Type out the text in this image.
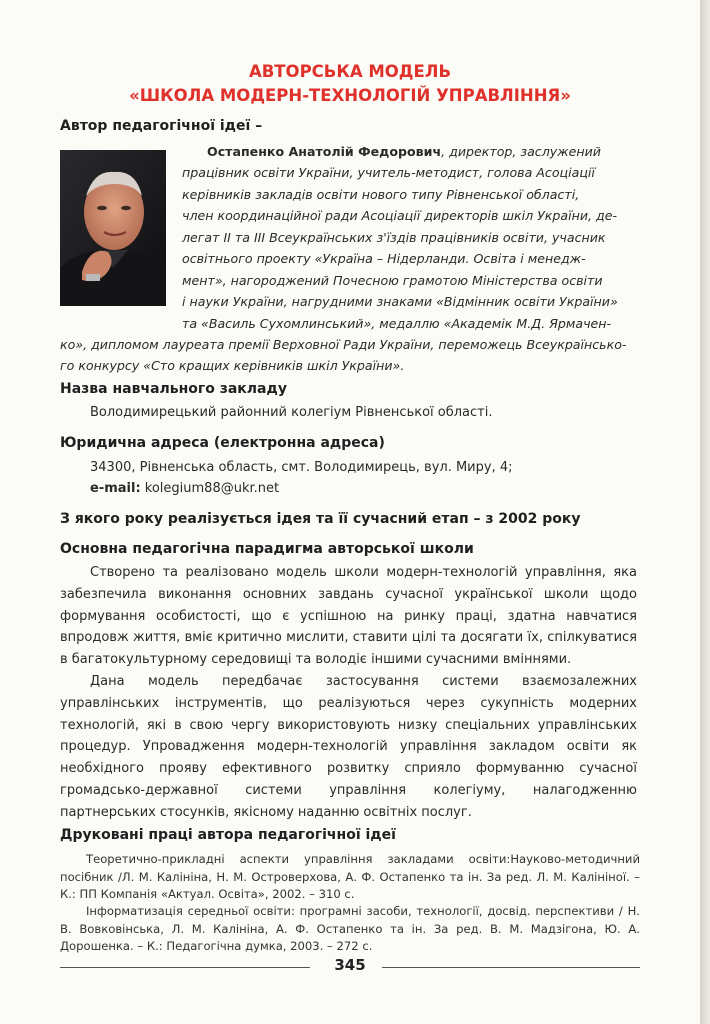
АВТОРСЬКА МОДЕЛЬ
«ШКОЛА МОДЕРН-ТЕХНОЛОГІЙ УПРАВЛІННЯ»
Автор педагогічної ідеї –
Остапенко Анатолій Федорович, директор, заслужений
працівник освіти України, учитель-методист, голова Асоціації
керівників закладів освіти нового типу Рівненської області,
член координаційної ради Асоціації директорів шкіл України, де-
легат II та III Всеукраїнських з'їздів працівників освіти, учасник
освітнього проекту «Україна – Нідерланди. Освіта і менедж-
мент», нагороджений Почесною грамотою Міністерства освіти
і науки України, нагрудними знаками «Відмінник освіти України»
та «Василь Сухомлинський», медаллю «Академік М.Д. Ярмачен-
ко», дипломом лауреата премії Верховної Ради України, переможець Всеукраїнсько-
го конкурсу «Сто кращих керівників шкіл України».
Назва навчального закладу
Володимирецький районний колегіум Рівненської області.
Юридична адреса (електронна адреса)
34300, Рівненська область, смт. Володимирець, вул. Миру, 4;
e-mail: kolegium88@ukr.net
З якого року реалізується ідея та її сучасний етап – з 2002 року
Основна педагогічна парадигма авторської школи
Створено та реалізовано модель школи модерн-технологій управління, яка забезпечила виконання основних завдань сучасної української школи щодо формування особистості, що є успішною на ринку праці, здатна навчатися впродовж життя, вміє критично мислити, ставити цілі та досягати їх, спілкуватися в багатокультурному середовищі та володіє іншими сучасними вміннями.
Дана модель передбачає застосування системи взаємозалежних управлінських інструментів, що реалізуються через сукупність модерних технологій, які в свою чергу використовують низку спеціальних управлінських процедур. Упровадження модерн-технологій управління закладом освіти як необхідного прояву ефективного розвитку сприяло формуванню сучасної громадсько-державної системи управління колегіуму, налагодженню партнерських стосунків, якісному наданню освітніх послуг.
Друковані праці автора педагогічної ідеї
Теоретично-прикладні аспекти управління закладами освіти:Науково-методичний посібник /Л. М. Калініна, Н. М. Островерхова, А. Ф. Остапенко та ін. За ред. Л. М. Калініної. – К.: ПП Компанія «Актуал. Освіта», 2002. – 310 с.
Інформатизація середньої освіти: програмні засоби, технології, досвід. перспективи / Н. В. Вовковінська, Л. М. Калініна, А. Ф. Остапенко та ін. За ред. В. М. Мадзігона, Ю. А. Дорошенка. – К.: Педагогічна думка, 2003. – 272 с.
345
